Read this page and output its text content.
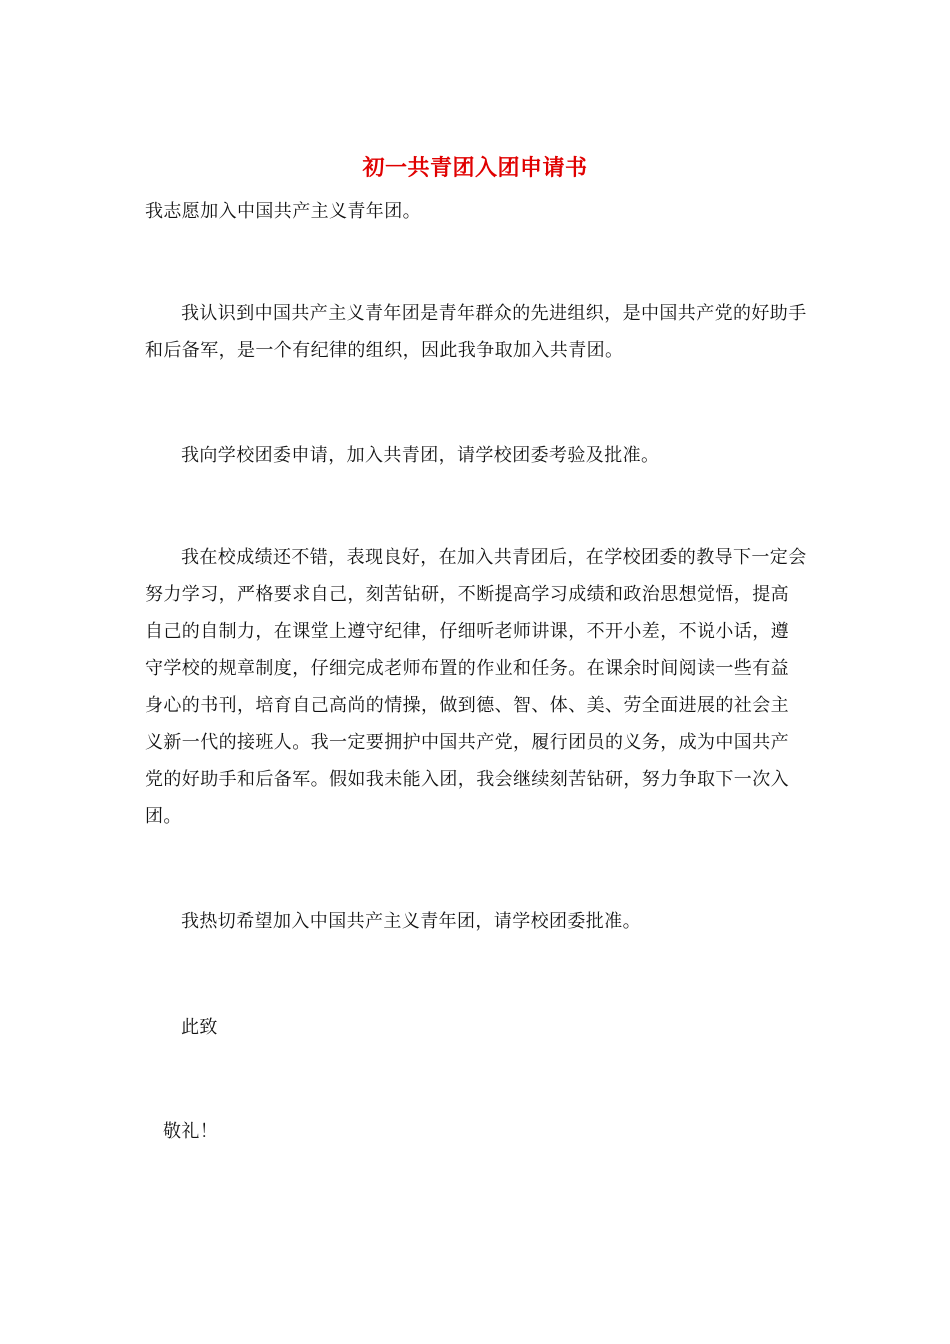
初一共青团入团申请书

我志愿加入中国共产主义青年团。

我认识到中国共产主义青年团是青年群众的先进组织，是中国共产党的好助手和后备军，是一个有纪律的组织，因此我争取加入共青团。

我向学校团委申请，加入共青团，请学校团委考验及批准。

我在校成绩还不错，表现良好，在加入共青团后，在学校团委的教导下一定会努力学习，严格要求自己，刻苦钻研，不断提高学习成绩和政治思想觉悟，提高自己的自制力，在课堂上遵守纪律，仔细听老师讲课，不开小差，不说小话，遵守学校的规章制度，仔细完成老师布置的作业和任务。在课余时间阅读一些有益身心的书刊，培育自己高尚的情操，做到德、智、体、美、劳全面进展的社会主义新一代的接班人。我一定要拥护中国共产党，履行团员的义务，成为中国共产党的好助手和后备军。假如我未能入团，我会继续刻苦钻研，努力争取下一次入团。

我热切希望加入中国共产主义青年团，请学校团委批准。

此致

敬礼！
